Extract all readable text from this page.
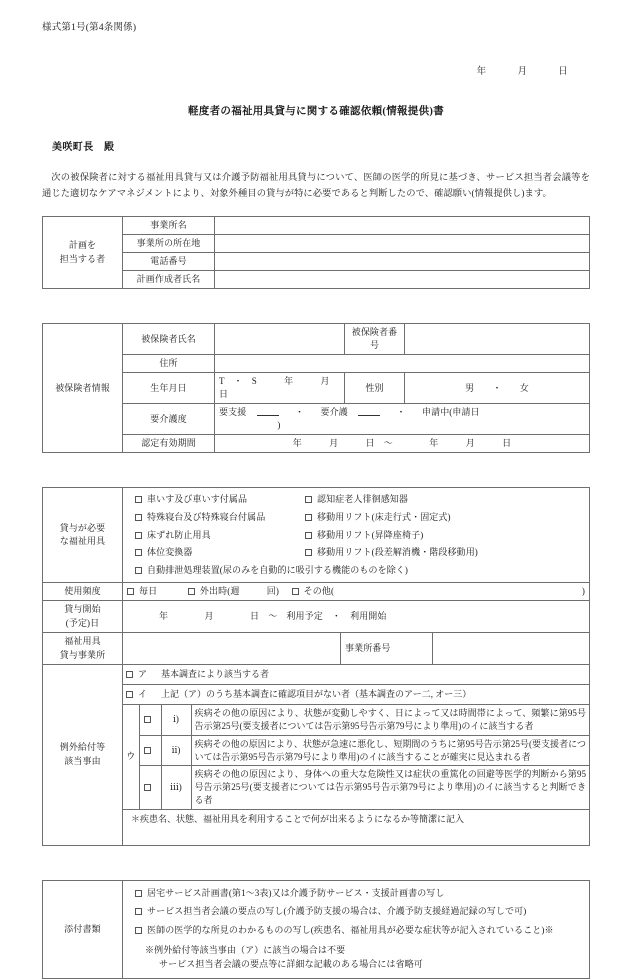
様式第1号(第4条関係)
年	月	日
軽度者の福祉用具貸与に関する確認依頼(情報提供)書
美咲町長　殿
次の被保険者に対する福祉用具貸与又は介護予防福祉用具貸与について、医師の医学的所見に基づき、サービス担当者会議等を通じた適切なケアマネジメントにより、対象外種目の貸与が特に必要であると判断したので、確認願い(情報提供し)ます。
計画を
担当する者	事業所名	
	事業所の所在地	
	電話番号	
	計画作成者氏名	
被保険者情報	被保険者氏名		被保険者番号	
	住所			
	生年月日	T　・　S　　　年　　　月　　　日	性別	男　　・　　女
	要介護度	要支援 ・ 要介護 ・ 申請中(申請日  )		
	認定有効期間	年　　　月　　　日　～　　　　年　　　月　　　日		
貸与が必要
な福祉用具	
車いす及び車いす付属品	認知症老人徘徊感知器
特殊寝台及び特殊寝台付属品	移動用リフト(床走行式・固定式)
床ずれ防止用具	移動用リフト(昇降座椅子)
体位変換器	移動用リフト(段差解消機・階段移動用)
自動排泄処理装置(尿のみを自動的に吸引する機能のものを除く)

使用頻度	毎日	外出時(週　　　回)	その他(	)

貸与開始
(予定)日	年　　　　月　　　　日　～　利用予定　・　利用開始
福祉用具
貸与事業所		事業所番号	
例外給付等
該当事由	
ア 基本調査により該当する者
イ 上記（ア）のうち基本調査に確認項目がない者（基本調査のアー二, オー三）
ウ		ⅰ)	疾病その他の原因により、状態が変動しやすく、日によって又は時間帯によって、頻繁に第95号告示第25号(要支援者については告示第95号告示第79号により準用)のイに該当する者
	ⅱ)	疾病その他の原因により、状態が急速に悪化し、短期間のうちに第95号告示第25号(要支援者については告示第95号告示第79号により準用)のイに該当することが確実に見込まれる者
	ⅲ)	疾病その他の原因により、身体への重大な危険性又は症状の重篤化の回避等医学的判断から第95号告示第25号(要支援者については告示第95号告示第79号により準用)のイに該当すると判断できる者
＊疾患名、状態、福祉用具を利用することで何が出来るようになるか等簡潔に記入

添付書類	
居宅サービス計画書(第1～3表)又は介護予防サービス・支援計画書の写し
サービス担当者会議の要点の写し(介護予防支援の場合は、介護予防支援経過記録の写しで可)
医師の医学的な所見のわかるものの写し(疾患名、福祉用具が必要な症状等が記入されていること)※
※例外給付等該当事由（ア）に該当の場合は不要
サービス担当者会議の要点等に詳細な記載のある場合には省略可
